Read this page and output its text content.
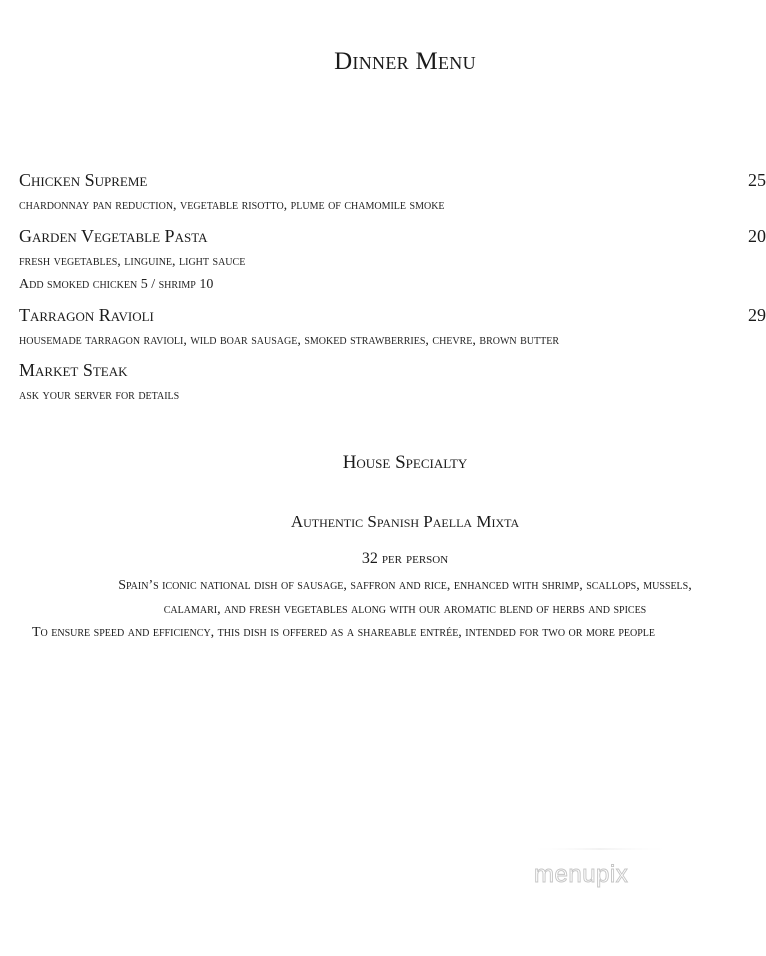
Dinner Menu
Chicken Supreme	25
chardonnay pan reduction, vegetable risotto, plume of chamomile smoke
Garden Vegetable Pasta	20
fresh vegetables, linguine, light sauce
Add smoked chicken 5 / shrimp 10
Tarragon Ravioli	29
housemade tarragon ravioli, wild boar sausage, smoked strawberries, chevre, brown butter
Market Steak
ask your server for details
House Specialty
Authentic Spanish Paella Mixta
32 per person
Spain’s iconic national dish of sausage, saffron and rice, enhanced with shrimp, scallops, mussels,
calamari, and fresh vegetables along with our aromatic blend of herbs and spices
To ensure speed and efficiency, this dish is offered as a shareable entrée, intended for two or more people
menupix
